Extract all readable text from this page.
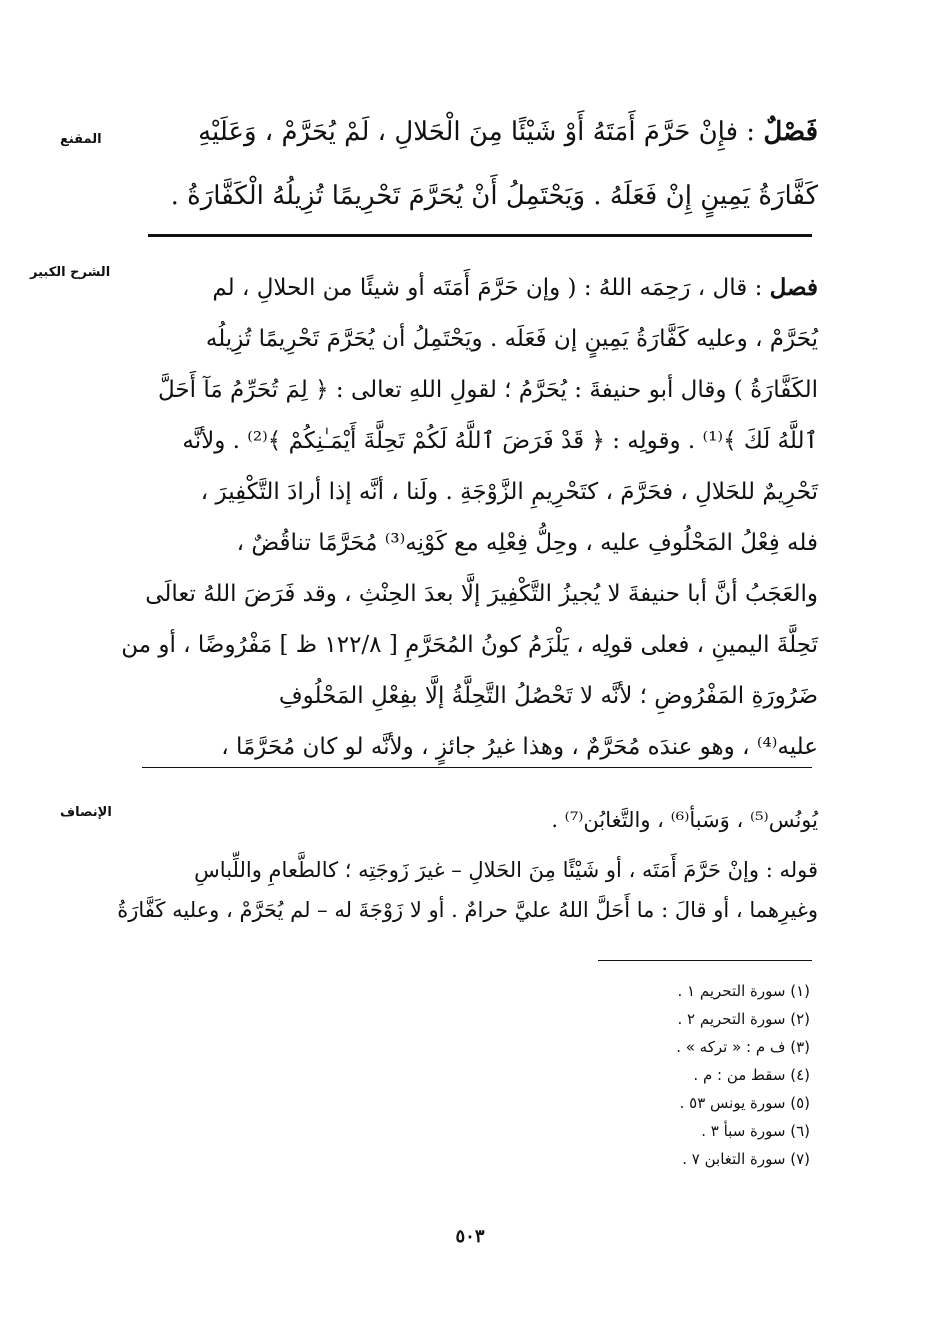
المقنع	فَصْلٌ : فإِنْ حَرَّمَ أَمَتَهُ أَوْ شَيْئًا مِنَ الْحَلالِ ، لَمْ يُحَرَّمْ ، وَعَلَيْهِ
كَفَّارَةُ يَمِينٍ إِنْ فَعَلَهُ . وَيَحْتَمِلُ أَنْ يُحَرَّمَ تَحْرِيمًا تُزِيلُهُ الْكَفَّارَةُ .
الشرح الكبير
فصل : قال ، رَحِمَه اللهُ : ( وإن حَرَّمَ أَمَتَه أو شيئًا من الحلالِ ، لم
يُحَرَّمْ ، وعليه كَفَّارَةُ يَمِينٍ إن فَعَلَه . ويَحْتَمِلُ أن يُحَرَّمَ تَحْرِيمًا تُزِيلُه
الكَفَّارَةُ ) وقال أبو حنيفةَ : يُحَرَّمُ ؛ لقولِ اللهِ تعالى : ﴿ لِمَ تُحَرِّمُ مَآ أَحَلَّ
ٱللَّهُ لَكَ ﴾⁽¹⁾ . وقولِه : ﴿ قَدْ فَرَضَ ٱللَّهُ لَكُمْ تَحِلَّةَ أَيْمَـٰنِكُمْ ﴾⁽²⁾ . ولأنَّه
تَحْرِيمٌ للحَلالِ ، فحَرَّمَ ، كتَحْرِيمِ الزَّوْجَةِ . ولَنا ، أنَّه إذا أرادَ التَّكْفِيرَ ،
فله فِعْلُ المَحْلُوفِ عليه ، وحِلُّ فِعْلِه مع كَوْنِه⁽³⁾ مُحَرَّمًا تناقُضٌ ،
والعَجَبُ أنَّ أبا حنيفةَ لا يُجيزُ التَّكْفِيرَ إلَّا بعدَ الحِنْثِ ، وقد فَرَضَ اللهُ تعالَى
تَحِلَّةَ اليمينِ ، فعلى قولِه ، يَلْزَمُ كونُ المُحَرَّمِ [ ١٢٢/٨ ظ ] مَفْرُوضًا ، أو من
ضَرُورَةِ المَفْرُوضِ ؛ لأنَّه لا تَحْصُلُ التَّحِلَّةُ إلَّا بفِعْلِ المَحْلُوفِ
عليه⁽⁴⁾ ، وهو عندَه مُحَرَّمٌ ، وهذا غيرُ جائزٍ ، ولأنَّه لو كان مُحَرَّمًا ،
الإنصاف	يُونُس⁽⁵⁾ ، وَسَبأ⁽⁶⁾ ، والتَّغابُن⁽⁷⁾ .
قوله : وإنْ حَرَّمَ أَمَتَه ، أو شَيْئًا مِنَ الحَلالِ – غيرَ زَوجَتِه ؛ كالطَّعامِ واللِّباسِ
وغيرِهما ، أو قالَ : ما أَحَلَّ اللهُ عليَّ حرامٌ . أو لا زَوْجَةَ له – لم يُحَرَّمْ ، وعليه كَفَّارَةُ
(١) سورة التحريم ١ .
(٢) سورة التحريم ٢ .
(٣) ف م : « تركه » .
(٤) سقط من : م .
(٥) سورة يونس ٥٣ .
(٦) سورة سبأ ٣ .
(٧) سورة التغابن ٧ .
٥٠٣
